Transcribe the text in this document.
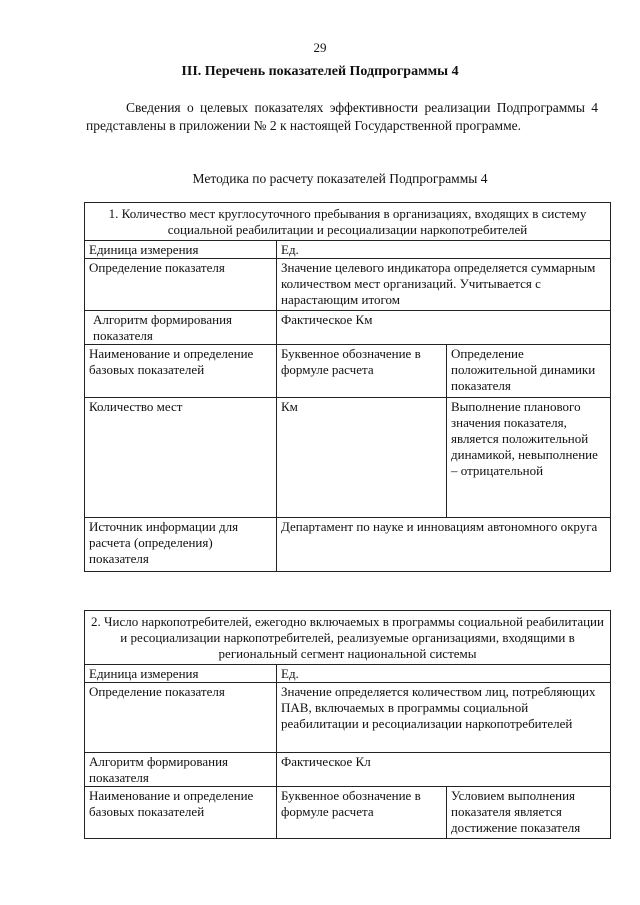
29
III. Перечень показателей Подпрограммы 4

Сведения о целевых показателях эффективности реализации Подпрограммы 4 представлены в приложении № 2 к настоящей Государственной программе.

Методика по расчету показателей Подпрограммы 4
1. Количество мест круглосуточного пребывания в организациях, входящих в систему социальной реабилитации и ресоциализации наркопотребителей		
Единица измерения	Ед.	
Определение показателя	Значение целевого индикатора определяется суммарным количеством мест организаций. Учитывается с нарастающим итогом	
Алгоритм формирования показателя	Фактическое Км	
Наименование и определение базовых показателей	Буквенное обозначение в формуле расчета	Определение положительной динамики показателя
Количество мест	Км	Выполнение планового значения показателя, является положительной динамикой, невыполнение – отрицательной
Источник информации для расчета (определения) показателя	Департамент по науке и инновациям автономного округа	
2. Число наркопотребителей, ежегодно включаемых в программы социальной реабилитации и ресоциализации наркопотребителей, реализуемые организациями, входящими в региональный сегмент национальной системы		
Единица измерения	Ед.	
Определение показателя	Значение определяется количеством лиц, потребляющих ПАВ, включаемых в программы социальной реабилитации и ресоциализации наркопотребителей	
Алгоритм формирования показателя	Фактическое Кл	
Наименование и определение базовых показателей	Буквенное обозначение в формуле расчета	Условием выполнения показателя является достижение показателя
